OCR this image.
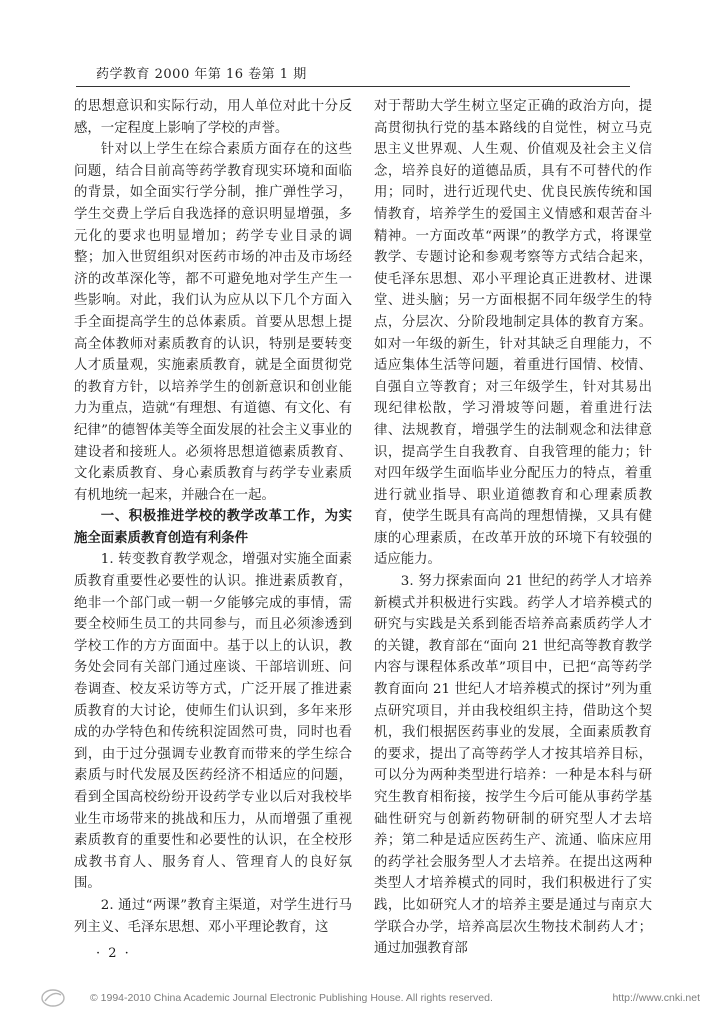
药学教育 2000 年第 16 卷第 1 期

的思想意识和实际行动，用人单位对此十分反感，一定程度上影响了学校的声誉。

针对以上学生在综合素质方面存在的这些问题，结合目前高等药学教育现实环境和面临的背景，如全面实行学分制，推广弹性学习，学生交费上学后自我选择的意识明显增强，多元化的要求也明显增加；药学专业目录的调整；加入世贸组织对医药市场的冲击及市场经济的改革深化等，都不可避免地对学生产生一些影响。对此，我们认为应从以下几个方面入手全面提高学生的总体素质。首要从思想上提高全体教师对素质教育的认识，特别是要转变人才质量观，实施素质教育，就是全面贯彻党的教育方针，以培养学生的创新意识和创业能力为重点，造就“有理想、有道德、有文化、有纪律”的德智体美等全面发展的社会主义事业的建设者和接班人。必须将思想道德素质教育、文化素质教育、身心素质教育与药学专业素质有机地统一起来，并融合在一起。

一、积极推进学校的教学改革工作，为实施全面素质教育创造有利条件

1. 转变教育教学观念，增强对实施全面素质教育重要性必要性的认识。推进素质教育，绝非一个部门或一朝一夕能够完成的事情，需要全校师生员工的共同参与，而且必须渗透到学校工作的方方面面中。基于以上的认识，教务处会同有关部门通过座谈、干部培训班、问卷调查、校友采访等方式，广泛开展了推进素质教育的大讨论，使师生们认识到，多年来形成的办学特色和传统积淀固然可贵，同时也看到，由于过分强调专业教育而带来的学生综合素质与时代发展及医药经济不相适应的问题，看到全国高校纷纷开设药学专业以后对我校毕业生市场带来的挑战和压力，从而增强了重视素质教育的重要性和必要性的认识，在全校形成教书育人、服务育人、管理育人的良好氛围。

2. 通过“两课”教育主渠道，对学生进行马列主义、毛泽东思想、邓小平理论教育，这

对于帮助大学生树立坚定正确的政治方向，提高贯彻执行党的基本路线的自觉性，树立马克思主义世界观、人生观、价值观及社会主义信念，培养良好的道德品质，具有不可替代的作用；同时，进行近现代史、优良民族传统和国情教育，培养学生的爱国主义情感和艰苦奋斗精神。一方面改革“两课”的教学方式，将课堂教学、专题讨论和参观考察等方式结合起来，使毛泽东思想、邓小平理论真正进教材、进课堂、进头脑；另一方面根据不同年级学生的特点，分层次、分阶段地制定具体的教育方案。如对一年级的新生，针对其缺乏自理能力，不适应集体生活等问题，着重进行国情、校情、自强自立等教育；对三年级学生，针对其易出现纪律松散，学习滑坡等问题，着重进行法律、法规教育，增强学生的法制观念和法律意识，提高学生自我教育、自我管理的能力；针对四年级学生面临毕业分配压力的特点，着重进行就业指导、职业道德教育和心理素质教育，使学生既具有高尚的理想情操，又具有健康的心理素质，在改革开放的环境下有较强的适应能力。

3. 努力探索面向 21 世纪的药学人才培养新模式并积极进行实践。药学人才培养模式的研究与实践是关系到能否培养高素质药学人才的关键，教育部在“面向 21 世纪高等教育教学内容与课程体系改革”项目中，已把“高等药学教育面向 21 世纪人才培养模式的探讨”列为重点研究项目，并由我校组织主持，借助这个契机，我们根据医药事业的发展，全面素质教育的要求，提出了高等药学人才按其培养目标，可以分为两种类型进行培养：一种是本科与研究生教育相衔接，按学生今后可能从事药学基础性研究与创新药物研制的研究型人才去培养；第二种是适应医药生产、流通、临床应用的药学社会服务型人才去培养。在提出这两种类型人才培养模式的同时，我们积极进行了实践，比如研究人才的培养主要是通过与南京大学联合办学，培养高层次生物技术制药人才；通过加强教育部

· 2 ·
© 1994-2010 China Academic Journal Electronic Publishing House. All rights reserved.	http://www.cnki.net
